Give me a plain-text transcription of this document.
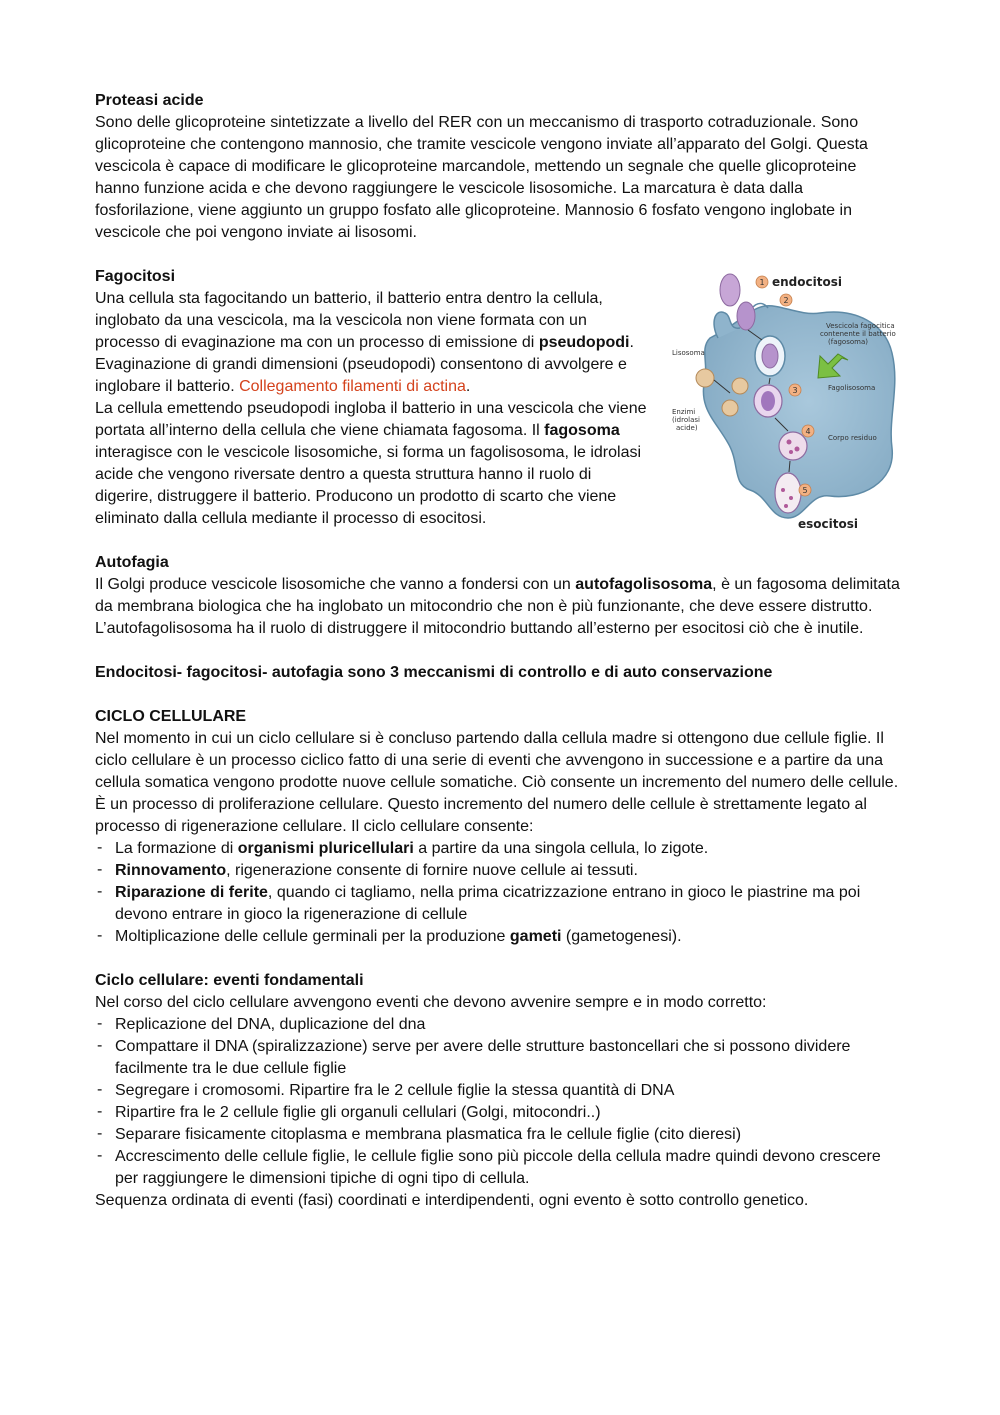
Proteasi acide

Sono delle glicoproteine sintetizzate a livello del RER con un meccanismo di trasporto cotraduzionale. Sono glicoproteine che contengono mannosio, che tramite vescicole vengono inviate all’apparato del Golgi. Questa vescicola è capace di modificare le glicoproteine marcandole, mettendo un segnale che quelle glicoproteine hanno funzione acida e che devono raggiungere le vescicole lisosomiche. La marcatura è data dalla fosforilazione, viene aggiunto un gruppo fosfato alle glicoproteine. Mannosio 6 fosfato vengono inglobate in vescicole che poi vengono inviate ai lisosomi.

Fagocitosi

Una cellula sta fagocitando un batterio, il batterio entra dentro la cellula, inglobato da una vescicola, ma la vescicola non viene formata con un processo di evaginazione ma con un processo di emissione di pseudopodi. Evaginazione di grandi dimensioni (pseudopodi) consentono di avvolgere e inglobare il batterio. Collegamento filamenti di actina.

La cellula emettendo pseudopodi ingloba il batterio in una vescicola che viene portata all’interno della cellula che viene chiamata fagosoma. Il fagosoma interagisce con le vescicole lisosomiche, si forma un fagolisosoma, le idrolasi acide che vengono riversate dentro a questa struttura hanno il ruolo di digerire, distruggere il batterio. Producono un prodotto di scarto che viene eliminato dalla cellula mediante il processo di esocitosi.

1
2
3
4
5
endocitosi
Vescicola fagocitica
contenente il batterio
(fagosoma)
Lisosoma
Fagolisosoma
Enzimi
(idrolasi
acide)
Corpo residuo
esocitosi

Autofagia

Il Golgi produce vescicole lisosomiche che vanno a fondersi con un autofagolisosoma, è un fagosoma delimitata da membrana biologica che ha inglobato un mitocondrio che non è più funzionante, che deve essere distrutto. L’autofagolisosoma ha il ruolo di distruggere il mitocondrio buttando all’esterno per esocitosi ciò che è inutile.

Endocitosi- fagocitosi- autofagia sono 3 meccanismi di controllo e di auto conservazione

CICLO CELLULARE

Nel momento in cui un ciclo cellulare si è concluso partendo dalla cellula madre si ottengono due cellule figlie. Il ciclo cellulare è un processo ciclico fatto di una serie di eventi che avvengono in successione e a partire da una cellula somatica vengono prodotte nuove cellule somatiche. Ciò consente un incremento del numero delle cellule. È un processo di proliferazione cellulare. Questo incremento del numero delle cellule è strettamente legato al processo di rigenerazione cellulare. Il ciclo cellulare consente:

- La formazione di organismi pluricellulari a partire da una singola cellula, lo zigote.
- Rinnovamento, rigenerazione consente di fornire nuove cellule ai tessuti.
- Riparazione di ferite, quando ci tagliamo, nella prima cicatrizzazione entrano in gioco le piastrine ma poi devono entrare in gioco la rigenerazione di cellule
- Moltiplicazione delle cellule germinali per la produzione gameti (gametogenesi).

Ciclo cellulare: eventi fondamentali

Nel corso del ciclo cellulare avvengono eventi che devono avvenire sempre e in modo corretto:

- Replicazione del DNA, duplicazione del dna
- Compattare il DNA (spiralizzazione) serve per avere delle strutture bastoncellari che si possono dividere facilmente tra le due cellule figlie
- Segregare i cromosomi. Ripartire fra le 2 cellule figlie la stessa quantità di DNA
- Ripartire fra le 2 cellule figlie gli organuli cellulari (Golgi, mitocondri..)
- Separare fisicamente citoplasma e membrana plasmatica fra le cellule figlie (cito dieresi)
- Accrescimento delle cellule figlie, le cellule figlie sono più piccole della cellula madre quindi devono crescere per raggiungere le dimensioni tipiche di ogni tipo di cellula.

Sequenza ordinata di eventi (fasi) coordinati e interdipendenti, ogni evento è sotto controllo genetico.
